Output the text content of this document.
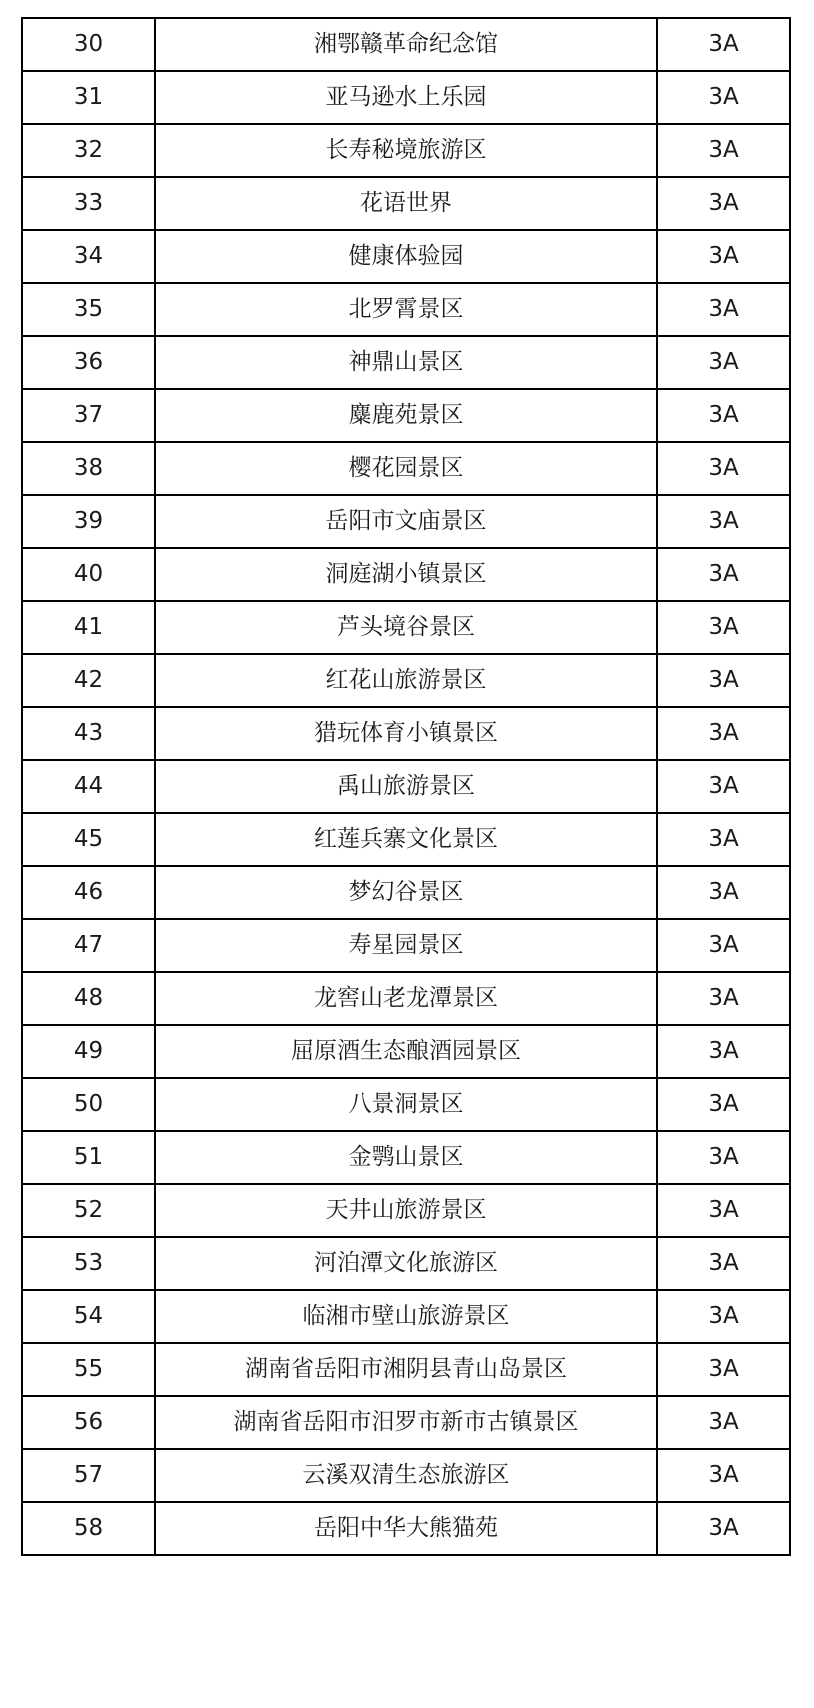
30	湘鄂赣革命纪念馆	3A
31	亚马逊水上乐园	3A
32	长寿秘境旅游区	3A
33	花语世界	3A
34	健康体验园	3A
35	北罗霄景区	3A
36	神鼎山景区	3A
37	麋鹿苑景区	3A
38	樱花园景区	3A
39	岳阳市文庙景区	3A
40	洞庭湖小镇景区	3A
41	芦头境谷景区	3A
42	红花山旅游景区	3A
43	猎玩体育小镇景区	3A
44	禹山旅游景区	3A
45	红莲兵寨文化景区	3A
46	梦幻谷景区	3A
47	寿星园景区	3A
48	龙窖山老龙潭景区	3A
49	屈原酒生态酿酒园景区	3A
50	八景洞景区	3A
51	金鹗山景区	3A
52	天井山旅游景区	3A
53	河泊潭文化旅游区	3A
54	临湘市壁山旅游景区	3A
55	湖南省岳阳市湘阴县青山岛景区	3A
56	湖南省岳阳市汨罗市新市古镇景区	3A
57	云溪双清生态旅游区	3A
58	岳阳中华大熊猫苑	3A
